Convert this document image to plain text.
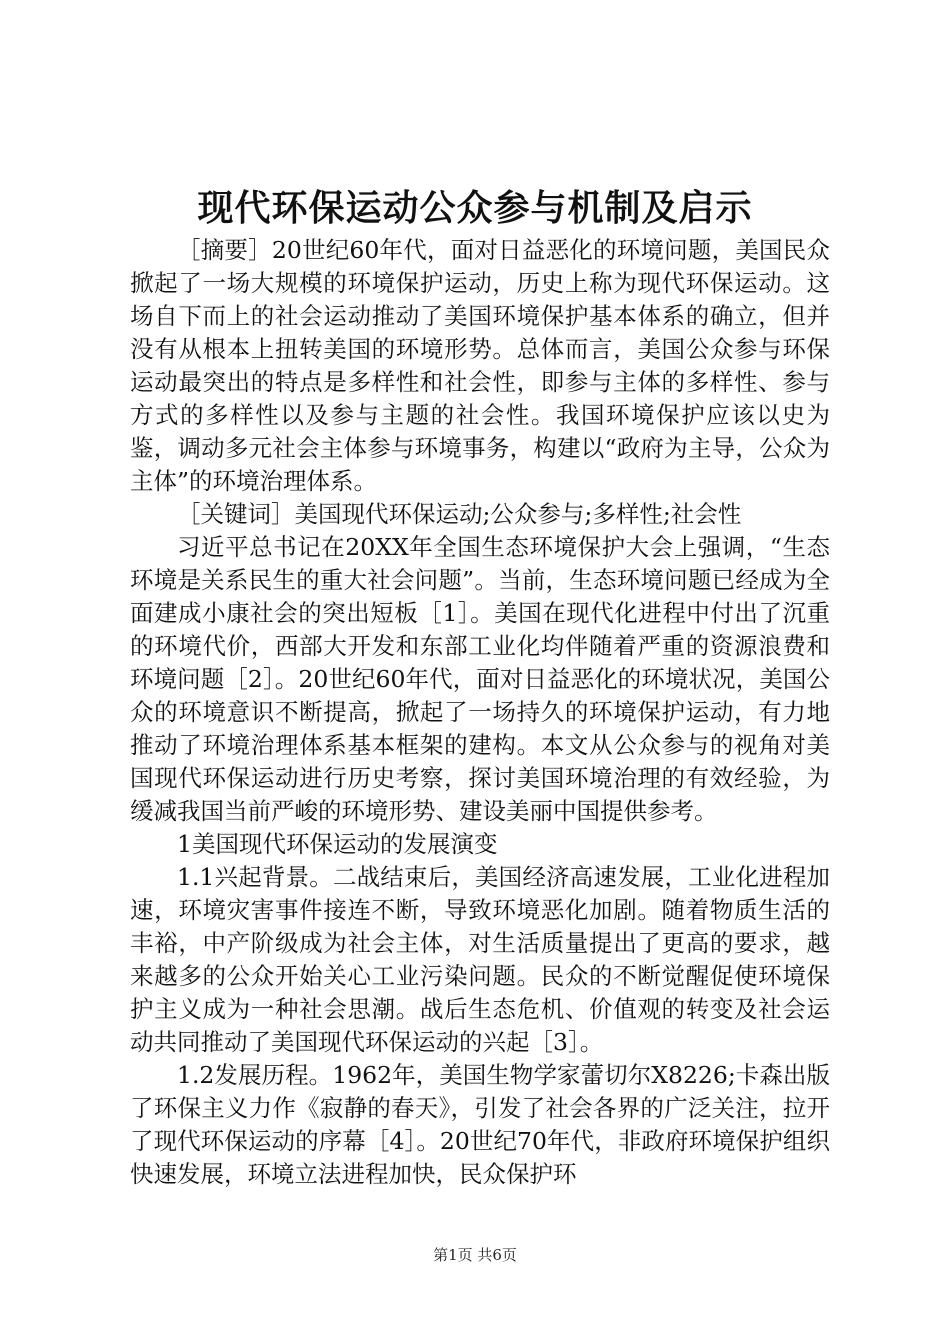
现代环保运动公众参与机制及启示

［摘要］20世纪60年代，面对日益恶化的环境问题，美国民众掀起了一场大规模的环境保护运动，历史上称为现代环保运动。这场自下而上的社会运动推动了美国环境保护基本体系的确立，但并没有从根本上扭转美国的环境形势。总体而言，美国公众参与环保运动最突出的特点是多样性和社会性，即参与主体的多样性、参与方式的多样性以及参与主题的社会性。我国环境保护应该以史为鉴，调动多元社会主体参与环境事务，构建以“政府为主导，公众为主体”的环境治理体系。

［关键词］美国现代环保运动;公众参与;多样性;社会性

习近平总书记在20XX年全国生态环境保护大会上强调，“生态环境是关系民生的重大社会问题”。当前，生态环境问题已经成为全面建成小康社会的突出短板［1］。美国在现代化进程中付出了沉重的环境代价，西部大开发和东部工业化均伴随着严重的资源浪费和环境问题［2］。20世纪60年代，面对日益恶化的环境状况，美国公众的环境意识不断提高，掀起了一场持久的环境保护运动，有力地推动了环境治理体系基本框架的建构。本文从公众参与的视角对美国现代环保运动进行历史考察，探讨美国环境治理的有效经验，为缓减我国当前严峻的环境形势、建设美丽中国提供参考。

1美国现代环保运动的发展演变

1.1兴起背景。二战结束后，美国经济高速发展，工业化进程加速，环境灾害事件接连不断，导致环境恶化加剧。随着物质生活的丰裕，中产阶级成为社会主体，对生活质量提出了更高的要求，越来越多的公众开始关心工业污染问题。民众的不断觉醒促使环境保护主义成为一种社会思潮。战后生态危机、价值观的转变及社会运动共同推动了美国现代环保运动的兴起［3］。

1.2发展历程。1962年，美国生物学家蕾切尔X8226;卡森出版了环保主义力作《寂静的春天》，引发了社会各界的广泛关注，拉开了现代环保运动的序幕［4］。20世纪70年代，非政府环境保护组织快速发展，环境立法进程加快，民众保护环

第1页 共6页
